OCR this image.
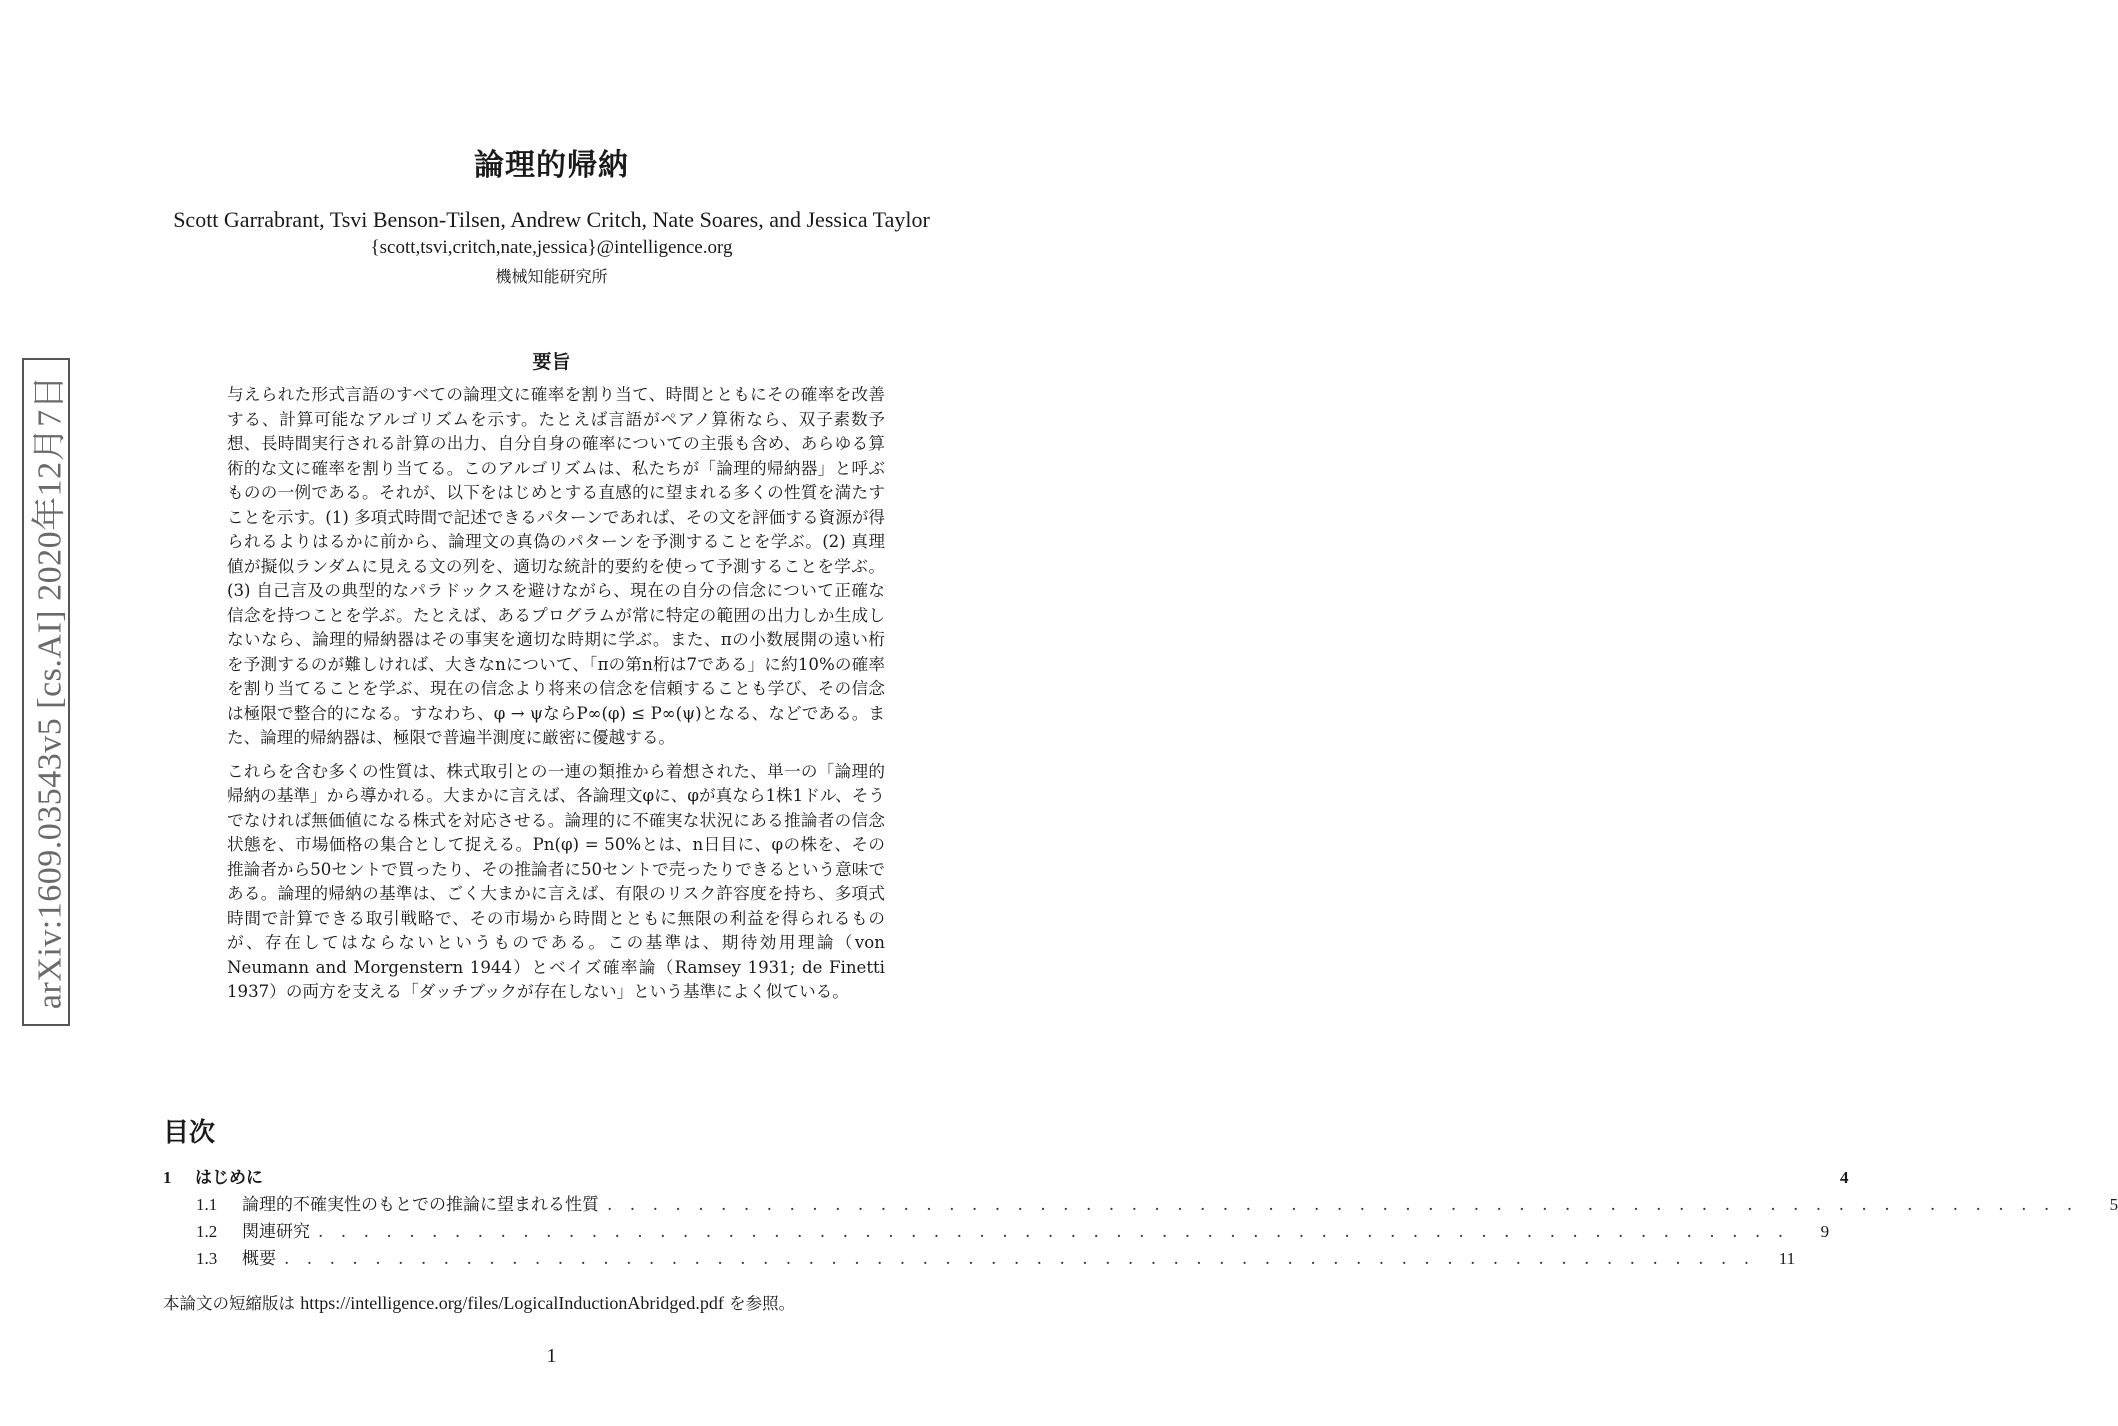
論理的帰納
Scott Garrabrant, Tsvi Benson-Tilsen, Andrew Critch, Nate Soares, and Jessica Taylor
{scott,tsvi,critch,nate,jessica}@intelligence.org
機械知能研究所
arXiv:1609.03543v5 [cs.AI] 2020年12月7日
要旨

与えられた形式言語のすべての論理文に確率を割り当て、時間とともにその確率を改善する、計算可能なアルゴリズムを示す。たとえば言語がペアノ算術なら、双子素数予想、長時間実行される計算の出力、自分自身の確率についての主張も含め、あらゆる算術的な文に確率を割り当てる。このアルゴリズムは、私たちが「論理的帰納器」と呼ぶものの一例である。それが、以下をはじめとする直感的に望まれる多くの性質を満たすことを示す。(1) 多項式時間で記述できるパターンであれば、その文を評価する資源が得られるよりはるかに前から、論理文の真偽のパターンを予測することを学ぶ。(2) 真理値が擬似ランダムに見える文の列を、適切な統計的要約を使って予測することを学ぶ。(3) 自己言及の典型的なパラドックスを避けながら、現在の自分の信念について正確な信念を持つことを学ぶ。たとえば、あるプログラムが常に特定の範囲の出力しか生成しないなら、論理的帰納器はその事実を適切な時期に学ぶ。また、πの小数展開の遠い桁を予測するのが難しければ、大きなnについて、「πの第n桁は7である」に約10%の確率を割り当てることを学ぶ、現在の信念より将来の信念を信頼することも学び、その信念は極限で整合的になる。すなわち、φ → ψならP∞(φ) ≤ P∞(ψ)となる、などである。また、論理的帰納器は、極限で普遍半測度に厳密に優越する。

これらを含む多くの性質は、株式取引との一連の類推から着想された、単一の「論理的帰納の基準」から導かれる。大まかに言えば、各論理文φに、φが真なら1株1ドル、そうでなければ無価値になる株式を対応させる。論理的に不確実な状況にある推論者の信念状態を、市場価格の集合として捉える。Pn(φ) = 50%とは、n日目に、φの株を、その推論者から50セントで買ったり、その推論者に50セントで売ったりできるという意味である。論理的帰納の基準は、ごく大まかに言えば、有限のリスク許容度を持ち、多項式時間で計算できる取引戦略で、その市場から時間とともに無限の利益を得られるものが、存在してはならないというものである。この基準は、期待効用理論（von Neumann and Morgenstern 1944）とベイズ確率論（Ramsey 1931; de Finetti 1937）の両方を支える「ダッチブックが存在しない」という基準によく似ている。

目次
1	はじめに	4
1.1	論理的不確実性のもとでの推論に望まれる性質 . . . . . . . . . . . . . . . . . . . . . . . . . . . . . . . . . . . . . . . . . . . . . . . . . . . . . . . . . . . . . . . . .	5
1.2	関連研究 . . . . . . . . . . . . . . . . . . . . . . . . . . . . . . . . . . . . . . . . . . . . . . . . . . . . . . . . . . . . . . . . .	9
1.3	概要 . . . . . . . . . . . . . . . . . . . . . . . . . . . . . . . . . . . . . . . . . . . . . . . . . . . . . . . . . . . . . . . . .	11
本論文の短縮版は https://intelligence.org/files/LogicalInductionAbridged.pdf を参照。
1
